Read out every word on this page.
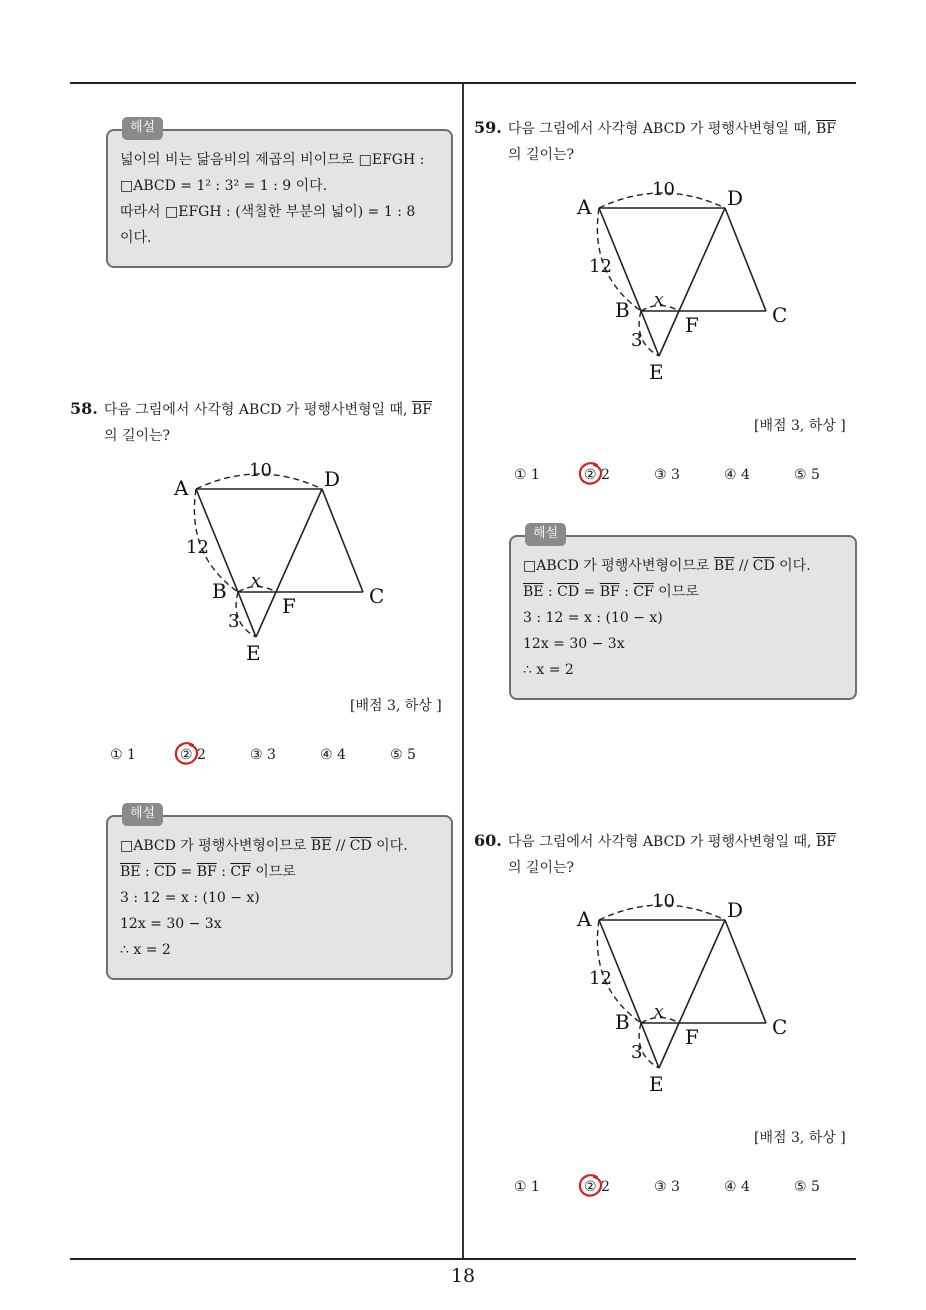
해설
넓이의 비는 닮음비의 제곱의 비이므로 □EFGH :
□ABCD = 1² : 3² = 1 : 9 이다.
따라서 □EFGH : (색칠한 부분의 넓이) = 1 : 8
이다.
58. 다음 그림에서 사각형 ABCD 가 평행사변형일 때, $\overline{BF}$
의 길이는?
A	D
B	C
F
E
10
12
3
x
[배점 3, 하상 ]
① 1	② 2	③ 3	④ 4	⑤ 5
해설
□ABCD 가 평행사변형이므로 $\overline{BE} // \overline{CD}$ 이다.
$\overline{BE}$ : $\overline{CD} = \overline{BF}$ : $\overline{CF}$ 이므로
3 : 12 = x : (10 − x)
12x = 30 − 3x
∴ x = 2
59. 다음 그림에서 사각형 ABCD 가 평행사변형일 때, $\overline{BF}$
의 길이는?
A	D
B	C
F
E
10
12
3
x
[배점 3, 하상 ]
① 1	② 2	③ 3	④ 4	⑤ 5
해설
□ABCD 가 평행사변형이므로 $\overline{BE} // \overline{CD}$ 이다.
$\overline{BE}$ : $\overline{CD} = \overline{BF}$ : $\overline{CF}$ 이므로
3 : 12 = x : (10 − x)
12x = 30 − 3x
∴ x = 2
60. 다음 그림에서 사각형 ABCD 가 평행사변형일 때, $\overline{BF}$
의 길이는?
A	D
B	C
F
E
10
12
3
x
[배점 3, 하상 ]
① 1	② 2	③ 3	④ 4	⑤ 5
18
